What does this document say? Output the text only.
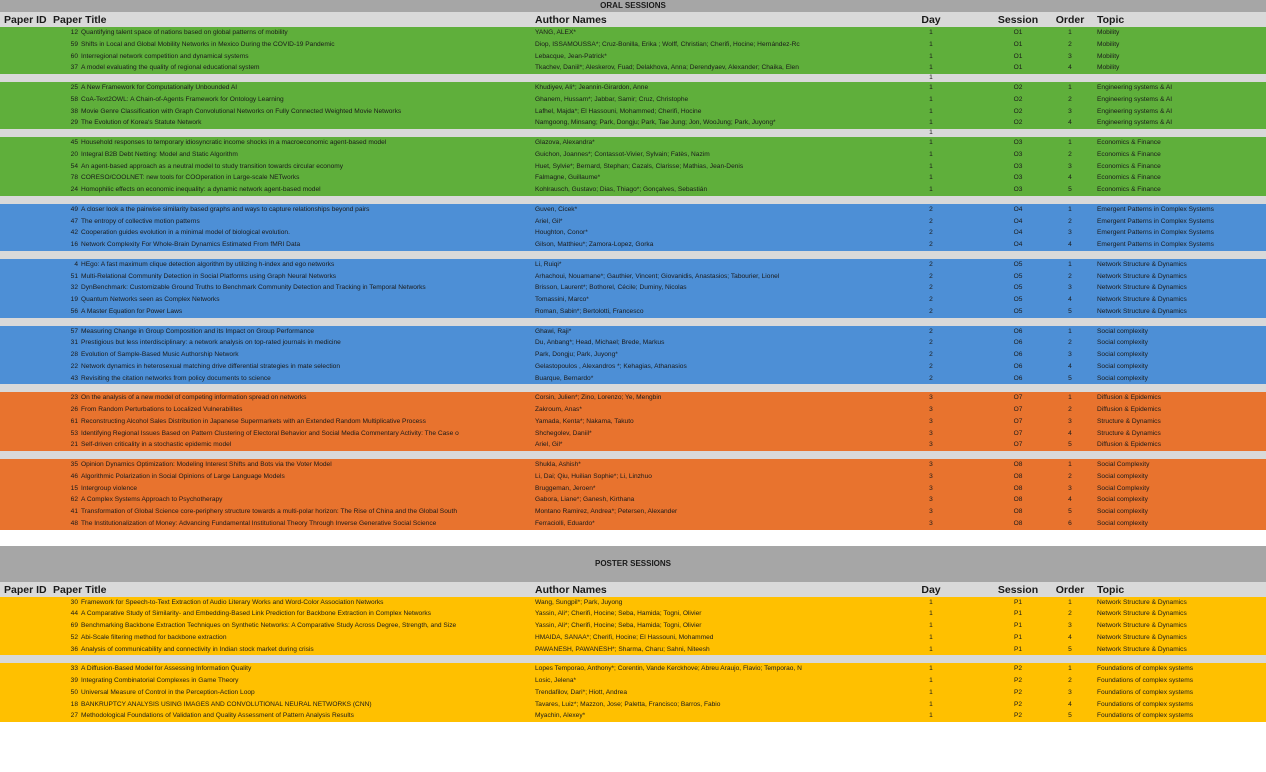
ORAL SESSIONS
Paper ID Paper Title	Author Names	Day	Session	Order	Topic
12 Quantifying talent space of nations based on global patterns of mobility	YANG, ALEX*	1	O1	1	Mobility
59 Shifts in Local and Global Mobility Networks in Mexico During the COVID-19 Pandemic	Diop, ISSAMOUSSA*; Cruz-Bonilla, Erika ; Wolff, Christian; Cherifi, Hocine; Hernández-Rc	1	O1	2	Mobility
60 Interregional network competition and dynamical systems	Lebacque, Jean-Patrick*	1	O1	3	Mobility
37 A model evaluating the quality of regional educational system	Tkachev, Daniil*; Aleskerov, Fuad; Delakhova, Anna; Derendyaev, Alexander; Chaika, Elen	1	O1	4	Mobility
1
25 A New Framework for Computationally Unbounded AI	Khudiyev, Ali*; Jeannin-Girardon, Anne	1	O2	1	Engineering systems & AI
58 CoA-Text2OWL: A Chain-of-Agents Framework for Ontology Learning	Ghanem, Hussam*; Jabbar, Samir; Cruz, Christophe	1	O2	2	Engineering systems & AI
38 Movie Genre Classification with Graph Convolutional Networks on Fully Connected Weighted Movie Networks	Lafhel, Majda*; El Hassouni, Mohammed; Cherifi, Hocine	1	O2	3	Engineering systems & AI
29 The Evolution of Korea's Statute Network	Namgoong, Minsang; Park, Dongju; Park, Tae Jung; Jon, WooJung; Park, Juyong*	1	O2	4	Engineering systems & AI
1
45 Household responses to temporary idiosyncratic income shocks in a macroeconomic agent-based model	Glazova, Alexandra*	1	O3	1	Economics & Finance
20 Integral B2B Debt Netting: Model and Static Algorithm	Guichon, Joannes*; Contassot-Vivier, Sylvain; Fatès, Nazim	1	O3	2	Economics & Finance
54 An agent-based approach as a neutral model to study transition towards circular economy	Huet, Sylvie*; Bernard, Stephan; Cazals, Clarisse; Mathias, Jean-Denis	1	O3	3	Economics & Finance
78 CORESO/COOLNET: new tools for COOperation in Large-scale NETworks	Falmagne, Guillaume*	1	O3	4	Economics & Finance
24 Homophilic effects on economic inequality: a dynamic network agent-based model	Kohlrausch, Gustavo; Dias, Thiago*; Gonçalves, Sebastián	1	O3	5	Economics & Finance
49 A closer look a the pairwise similarity based graphs and ways to capture relationships beyond pairs	Guven, Cicek*	2	O4	1	Emergent Patterns in Complex Systems
47 The entropy of collective motion patterns	Ariel, Gil*	2	O4	2	Emergent Patterns in Complex Systems
42 Cooperation guides evolution in a minimal model of biological evolution.	Houghton, Conor*	2	O4	3	Emergent Patterns in Complex Systems
16 Network Complexity For Whole-Brain Dynamics Estimated From fMRI Data	Gilson, Matthieu*; Zamora-Lopez, Gorka	2	O4	4	Emergent Patterns in Complex Systems
4 HEgo: A fast maximum clique detection algorithm by utilizing h-index and ego networks	Li, Ruiqi*	2	O5	1	Network Structure & Dynamics
51 Multi-Relational Community Detection in Social Platforms using Graph Neural Networks	Arhachoui, Nouamane*; Gauthier, Vincent; Giovanidis, Anastasios; Tabourier, Lionel	2	O5	2	Network Structure & Dynamics
32 DynBenchmark: Customizable Ground Truths to Benchmark Community Detection and Tracking in Temporal Networks	Brisson, Laurent*; Bothorel, Cécile; Duminy, Nicolas	2	O5	3	Network Structure & Dynamics
19 Quantum Networks seen as Complex Networks	Tomassini, Marco*	2	O5	4	Network Structure & Dynamics
56 A Master Equation for Power Laws	Roman, Sabin*; Bertolotti, Francesco	2	O5	5	Network Structure & Dynamics
57 Measuring Change in Group Composition and its Impact on Group Performance	Ghawi, Raji*	2	O6	1	Social complexity
31 Prestigious but less interdisciplinary: a network analysis on top-rated journals in medicine	Du, Anbang*; Head, Michael; Brede, Markus	2	O6	2	Social complexity
28 Evolution of Sample-Based Music Authorship Network	Park, Dongju; Park, Juyong*	2	O6	3	Social complexity
22 Network dynamics in heterosexual matching drive differential strategies in mate selection	Gelastopoulos , Alexandros *; Kehagias, Athanasios	2	O6	4	Social complexity
43 Revisiting the citation networks from policy documents to science	Buarque, Bernardo*	2	O6	5	Social complexity
23 On the analysis of a new model of competing information spread on networks	Corsin, Julien*; Zino, Lorenzo; Ye, Mengbin	3	O7	1	Diffusion & Epidemics
26 From Random Perturbations to Localized Vulnerabilites	Zakroum, Anas*	3	O7	2	Diffusion & Epidemics
61 Reconstructing Alcohol Sales Distribution in Japanese Supermarkets with an Extended Random Multiplicative Process	Yamada, Kenta*; Nakama, Takuto	3	O7	3	Structure & Dynamics
53 Identifying Regional Issues Based on Pattern Clustering of Electoral Behavior and Social Media Commentary Activity: The Case o	Shchegolev, Daniil*	3	O7	4	Structure & Dynamics
21 Self-driven criticality in a stochastic epidemic model	Ariel, Gil*	3	O7	5	Diffusion & Epidemics
35 Opinion Dynamics Optimization: Modeling Interest Shifts and Bots via the Voter Model	Shukla, Ashish*	3	O8	1	Social Complexity
46 Algorithmic Polarization in Social Opinions of Large Language Models	Li, Dai; Qiu, Huilian Sophie*; Li, Linzhuo	3	O8	2	Social complexity
15 Intergroup violence	Bruggeman, Jeroen*	3	O8	3	Social Complexity
62 A Complex Systems Approach to Psychotherapy	Gabora, Liane*; Ganesh, Kirthana	3	O8	4	Social complexity
41 Transformation of Global Science core-periphery structure towards a multi-polar horizon: The Rise of China and the Global South	Montano Ramirez, Andrea*; Petersen, Alexander	3	O8	5	Social complexity
48 The Institutionalization of Money: Advancing Fundamental Institutional Theory Through Inverse Generative Social Science	Ferraciolli, Eduardo*	3	O8	6	Social complexity
POSTER SESSIONS
Paper ID Paper Title	Author Names	Day	Session	Order	Topic
30 Framework for Speech-to-Text Extraction of Audio Literary Works and Word-Color Association Networks	Wang, Sungpil*; Park, Juyong	1	P1	1	Network Structure & Dynamics
44 A Comparative Study of Similarity- and Embedding-Based Link Prediction for Backbone Extraction in Complex Networks	Yassin, Ali*; Cherifi, Hocine; Seba, Hamida; Togni, Olivier	1	P1	2	Network Structure & Dynamics
69 Benchmarking Backbone Extraction Techniques on Synthetic Networks: A Comparative Study Across Degree, Strength, and Size	Yassin, Ali*; Cherifi, Hocine; Seba, Hamida; Togni, Olivier	1	P1	3	Network Structure & Dynamics
52 Abi-Scale filtering method for backbone extraction	HMAIDA, SANAA*; Cherifi, Hocine; El Hassouni, Mohammed	1	P1	4	Network Structure & Dynamics
36 Analysis of communicability and connectivity in Indian stock market during crisis	PAWANESH, PAWANESH*; Sharma, Charu; Sahni, Niteesh	1	P1	5	Network Structure & Dynamics
33 A Diffusion-Based Model for Assessing Information Quality	Lopes Temporao, Anthony*; Corentin, Vande Kerckhove; Abreu Araujo, Flavio; Temporao, N	1	P2	1	Foundations of complex systems
39 Integrating Combinatorial Complexes in Game Theory	Losic, Jelena*	1	P2	2	Foundations of complex systems
50 Universal Measure of Control in the Perception-Action Loop	Trendafilov, Dari*; Hiott, Andrea	1	P2	3	Foundations of complex systems
18 BANKRUPTCY ANALYSIS USING IMAGES AND CONVOLUTIONAL NEURAL NETWORKS (CNN)	Tavares, Luiz*; Mazzon, Jose; Paletta, Francisco; Barros, Fabio	1	P2	4	Foundations of complex systems
27 Methodological Foundations of Validation and Quality Assessment of Pattern Analysis Results	Myachin, Alexey*	1	P2	5	Foundations of complex systems
